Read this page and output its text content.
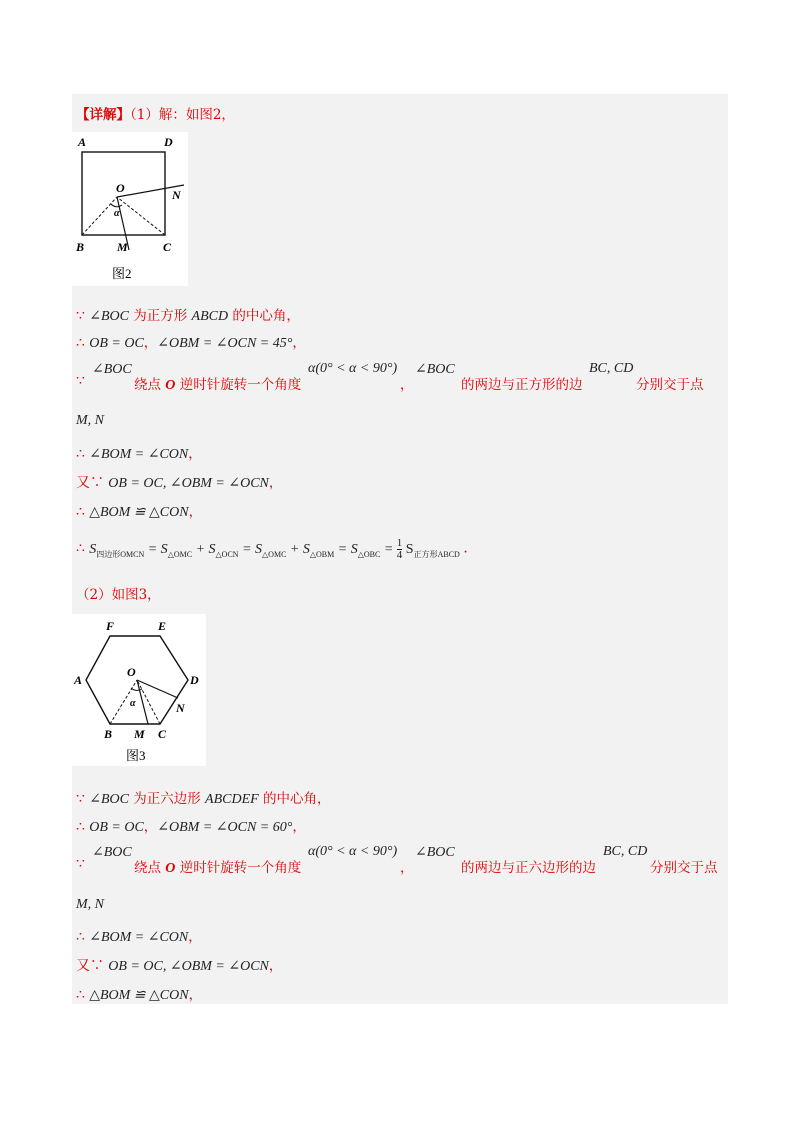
【详解】（1）解：如图2，
A	D
O	N
B	M	C
α
图2
∵ ∠BOC 为正方形 ABCD 的中心角，
∴ OB = OC，∠OBM = ∠OCN = 45°，
∵
∠BOC
绕点 O 逆时针旋转一个角度
α(0° < α < 90°)
，
∠BOC
的两边与正方形的边
BC, CD
分别交于点
M, N
∴ ∠BOM = ∠CON，
又∵ OB = OC, ∠OBM = ∠OCN，
∴ △BOM ≌ △CON，
∴ $S_{四边形OMCN} = S_{\triangle OMC} + S_{\triangle OCN} = S_{\triangle OMC} + S_{\triangle OBM} = S_{\triangle OBC} = \frac{1}{4} S_{正方形ABCD}$ .
（2）如图3，
F	E
A
O
D
N
B M C
α
图3
∵ ∠BOC 为正六边形 ABCDEF 的中心角，
∴ OB = OC，∠OBM = ∠OCN = 60°，
∵
∠BOC
绕点 O 逆时针旋转一个角度
α(0° < α < 90°)
，
∠BOC
的两边与正六边形的边
BC, CD
分别交于点
M, N
∴ ∠BOM = ∠CON，
又∵ OB = OC, ∠OBM = ∠OCN，
∴ △BOM ≌ △CON，
